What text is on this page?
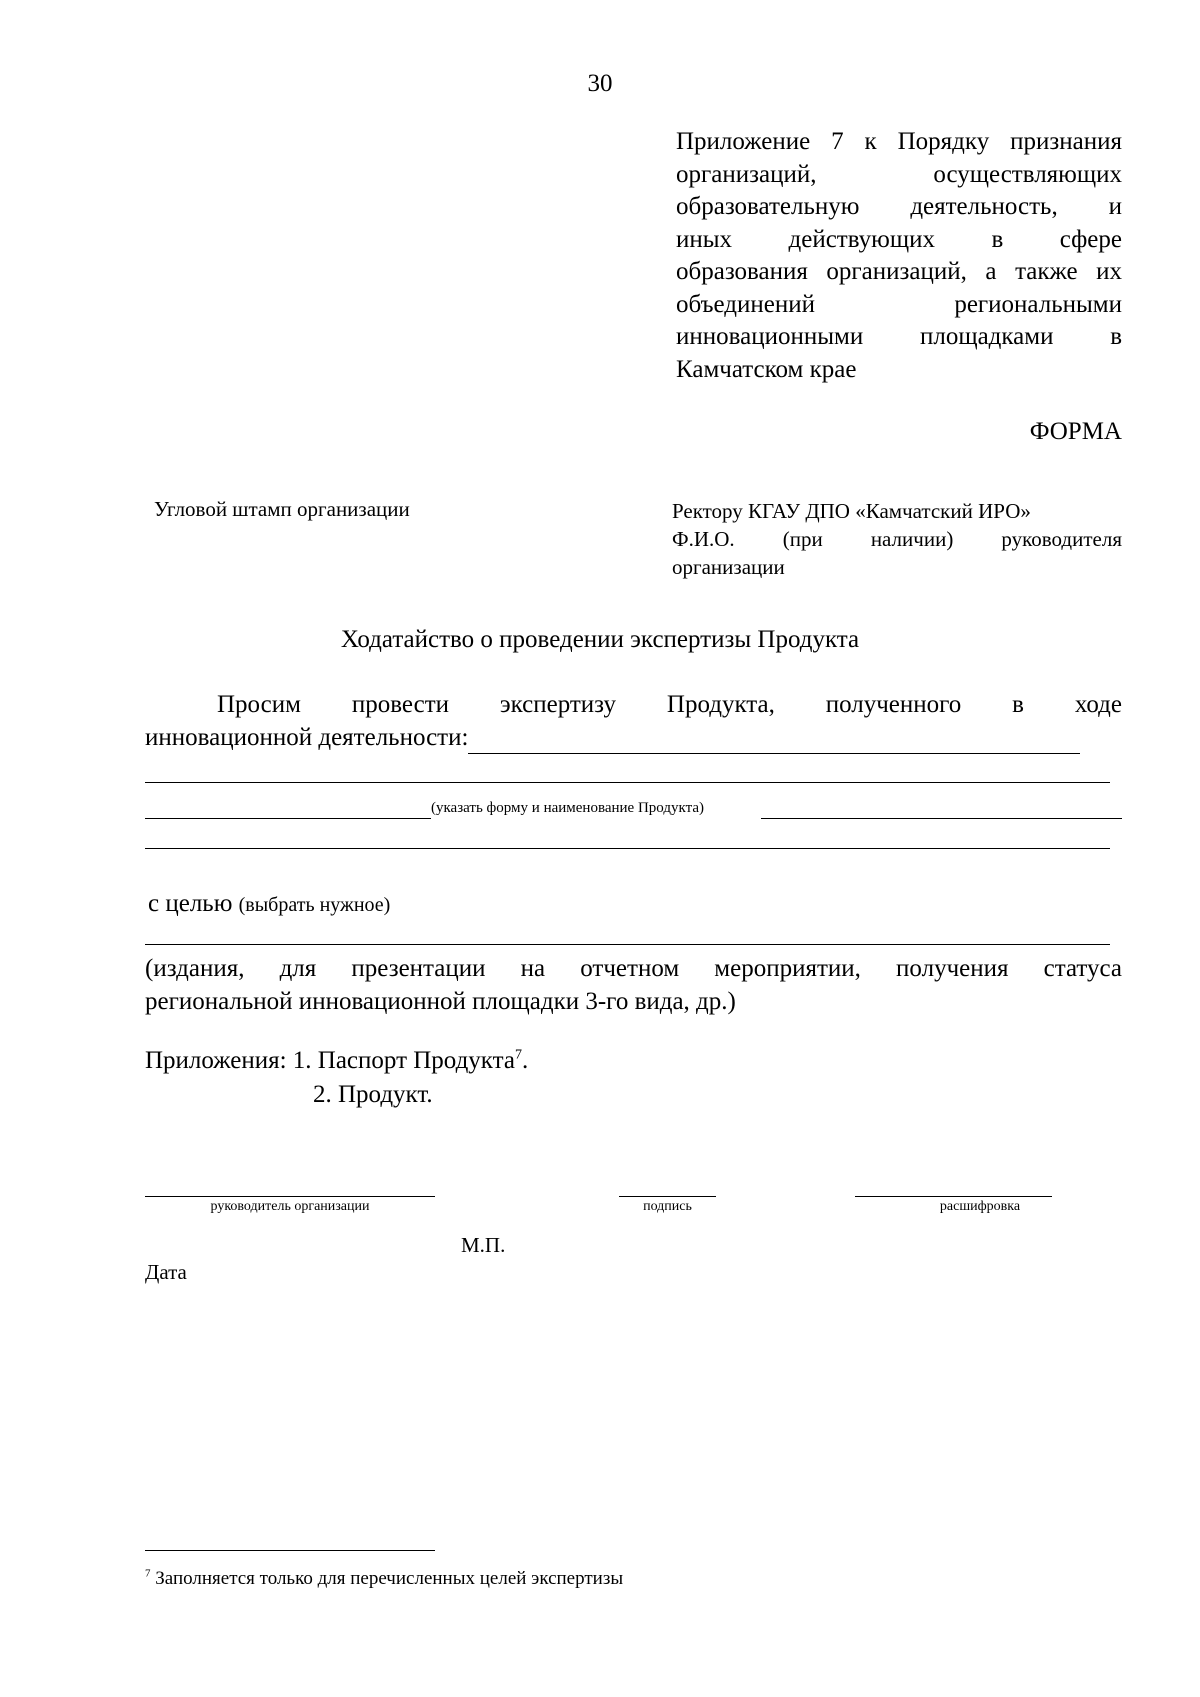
30
Приложение 7 к Порядку признания
организаций, осуществляющих
образовательную деятельность, и
иных действующих в сфере
образования организаций, а также их
объединений региональными
инновационными площадками в
Камчатском крае
ФОРМА
Угловой штамп организации	Ректору КГАУ ДПО «Камчатский ИРО»
Ф.И.О. (при наличии) руководителя
организации
Ходатайство о проведении экспертизы Продукта
Просим провести экспертизу Продукта, полученного в ходе
инновационной деятельности:
(указать форму и наименование Продукта)
с целью (выбрать нужное)
(издания, для презентации на отчетном мероприятии, получения статуса
региональной инновационной площадки 3-го вида, др.)
Приложения: 1. Паспорт Продукта$^7$.
2. Продукт.
руководитель организации	подпись	расшифровка
М.П.
Дата
$^7$ Заполняется только для перечисленных целей экспертизы
